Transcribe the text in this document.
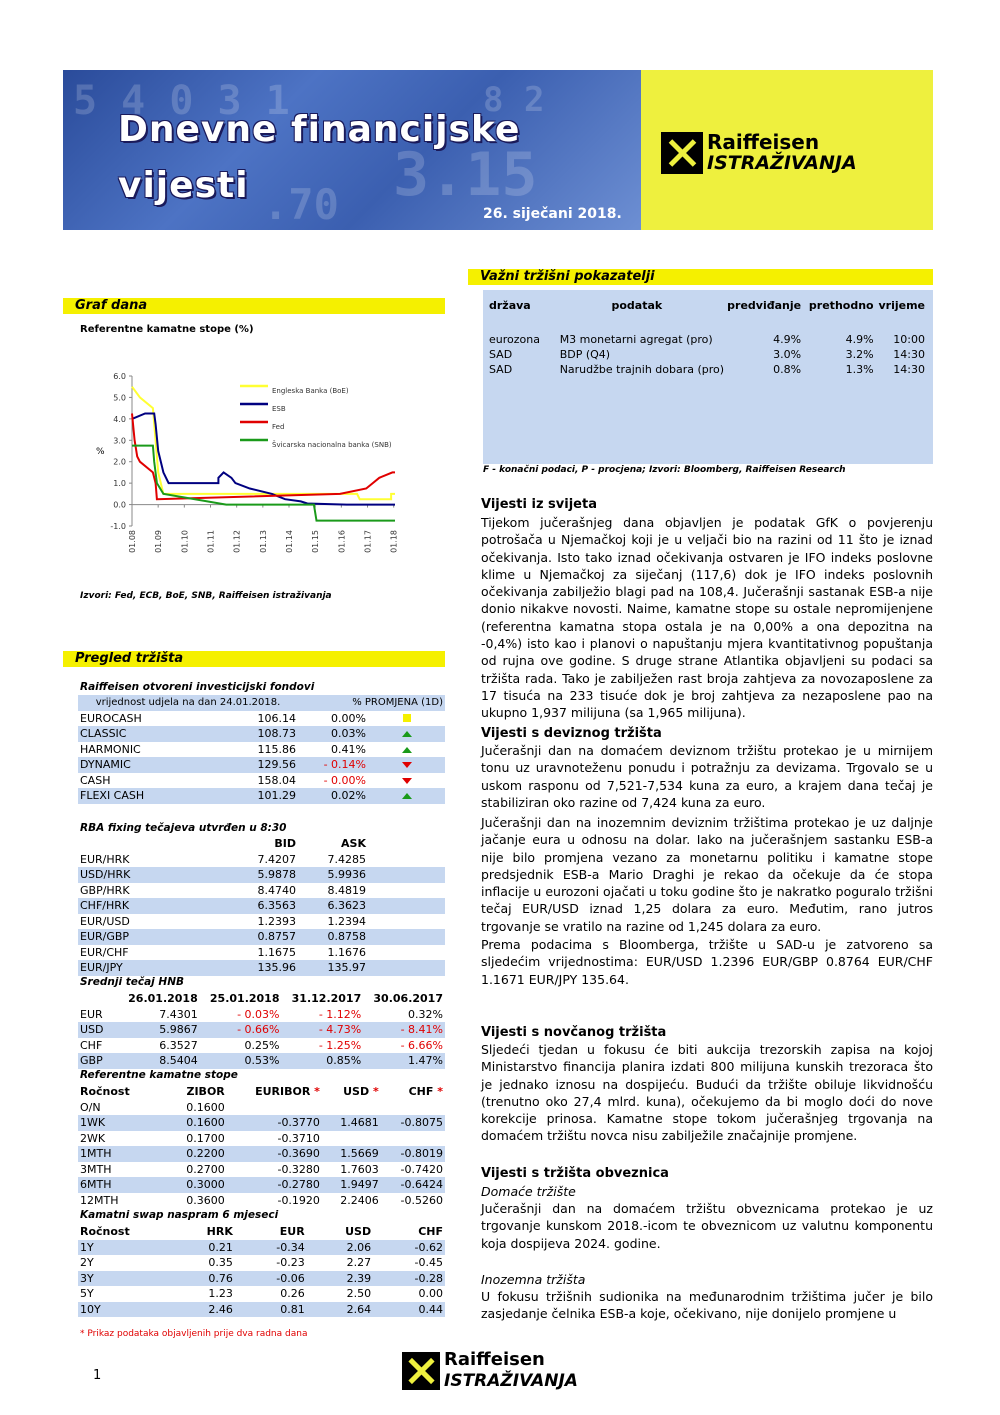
5 4 0 3 1
3.15
.70
8 2
Dnevne financijske
vijesti
26. siječani 2018.
Raiffeisen
ISTRAŽIVANJA
Graf dana
Referentne kamatne stope (%)
6.0
5.0
4.0
3.0
2.0
1.0
0.0
-1.0
%
01.08 01.09 01.10 01.11 01.12 01.13 01.14 01.15 01.16 01.17 01.18
Engleska Banka (BoE)
ESB
Fed
Švicarska nacionalna banka (SNB)
Izvori: Fed, ECB, BoE, SNB, Raiffeisen istraživanja
Pregled tržišta
Raiffeisen otvoreni investicijski fondovi
vrijednost udjela na dan 24.01.2018.		% PROMJENA (1D)	
EUROCASH	106.14	0.00%	
CLASSIC	108.73	0.03%	
HARMONIC	115.86	0.41%	
DYNAMIC	129.56	- 0.14%	
CASH	158.04	- 0.00%	
FLEXI CASH	101.29	0.02%	
RBA fixing tečajeva utvrđen u 8:30
	BID	ASK	
EUR/HRK	7.4207	7.4285	
USD/HRK	5.9878	5.9936	
GBP/HRK	8.4740	8.4819	
CHF/HRK	6.3563	6.3623	
EUR/USD	1.2393	1.2394	
EUR/GBP	0.8757	0.8758	
EUR/CHF	1.1675	1.1676	
EUR/JPY	135.96	135.97	
Srednji tečaj HNB
	26.01.2018	25.01.2018	31.12.2017	30.06.2017
EUR	7.4301	- 0.03%	- 1.12%	0.32%
USD	5.9867	- 0.66%	- 4.73%	- 8.41%
CHF	6.3527	0.25%	- 1.25%	- 6.66%
GBP	8.5404	0.53%	0.85%	1.47%
Referentne kamatne stope
Ročnost	ZIBOR	EURIBOR *	USD *	CHF *
O/N	0.1600			
1WK	0.1600	-0.3770	1.4681	-0.8075
2WK	0.1700	-0.3710		
1MTH	0.2200	-0.3690	1.5669	-0.8019
3MTH	0.2700	-0.3280	1.7603	-0.7420
6MTH	0.3000	-0.2780	1.9497	-0.6424
12MTH	0.3600	-0.1920	2.2406	-0.5260
Kamatni swap naspram 6 mjeseci
Ročnost	HRK	EUR	USD	CHF
1Y	0.21	-0.34	2.06	-0.62
2Y	0.35	-0.23	2.27	-0.45
3Y	0.76	-0.06	2.39	-0.28
5Y	1.23	0.26	2.50	0.00
10Y	2.46	0.81	2.64	0.44
* Prikaz podataka objavljenih prije dva radna dana
Važni tržišni pokazatelji
država	podatak	predviđanje	prethodno	vrijeme

eurozona	M3 monetarni agregat (pro)	4.9%	4.9%	10:00
SAD	BDP (Q4)	3.0%	3.2%	14:30
SAD	Narudžbe trajnih dobara (pro)	0.8%	1.3%	14:30
F - konačni podaci, P - procjena; Izvori: Bloomberg, Raiffeisen Research
Vijesti iz svijeta
Tijekom jučerašnjeg dana objavljen je podatak GfK o povjerenju potrošača u Njemačkoj koji je u veljači bio na razini od 11 što je iznad očekivanja. Isto tako iznad očekivanja ostvaren je IFO indeks poslovne klime u Njemačkoj za siječanj (117,6) dok je IFO indeks poslovnih očekivanja zabilježio blagi pad na 108,4. Jučerašnji sastanak ESB-a nije donio nikakve novosti. Naime, kamatne stope su ostale nepromijenjene (referentna kamatna stopa ostala je na 0,00% a ona depozitna na -0,4%) isto kao i planovi o napuštanju mjera kvantitativnog popuštanja od rujna ove godine. S druge strane Atlantika objavljeni su podaci sa tržišta rada. Tako je zabilježen rast broja zahtjeva za novozaposlene za 17 tisuća na 233 tisuće dok je broj zahtjeva za nezaposlene pao na ukupno 1,937 milijuna (sa 1,965 milijuna).
Vijesti s deviznog tržišta
Jučerašnji dan na domaćem deviznom tržištu protekao je u mirnijem tonu uz uravnoteženu ponudu i potražnju za devizama. Trgovalo se u uskom rasponu od 7,521-7,534 kuna za euro, a krajem dana tečaj je stabiliziran oko razine od 7,424 kuna za euro.
Jučerašnji dan na inozemnim deviznim tržištima protekao je uz daljnje jačanje eura u odnosu na dolar. Iako na jučerašnjem sastanku ESB-a nije bilo promjena vezano za monetarnu politiku i kamatne stope predsjednik ESB-a Mario Draghi je rekao da očekuje da će stopa inflacije u eurozoni ojačati u toku godine što je nakratko poguralo tržišni tečaj EUR/USD iznad 1,25 dolara za euro. Međutim, rano jutros trgovanje se vratilo na razine od 1,245 dolara za euro.
Prema podacima s Bloomberga, tržište u SAD-u je zatvoreno sa sljedećim vrijednostima: EUR/USD 1.2396 EUR/GBP 0.8764 EUR/CHF 1.1671 EUR/JPY 135.64.
Vijesti s novčanog tržišta
Sljedeći tjedan u fokusu će biti aukcija trezorskih zapisa na kojoj Ministarstvo financija planira izdati 800 milijuna kunskih trezoraca što je jednako iznosu na dospijeću. Budući da tržište obiluje likvidnošću (trenutno oko 27,4 mlrd. kuna), očekujemo da bi moglo doći do nove korekcije prinosa. Kamatne stope tokom jučerašnjeg trgovanja na domaćem tržištu novca nisu zabilježile značajnije promjene.
Vijesti s tržišta obveznica
Domaće tržište
Jučerašnji dan na domaćem tržištu obveznicama protekao je uz trgovanje kunskom 2018.-icom te obveznicom uz valutnu komponentu koja dospijeva 2024. godine.
Inozemna tržišta
U fokusu tržišnih sudionika na međunarodnim tržištima jučer je bilo zasjedanje čelnika ESB-a koje, očekivano, nije donijelo promjene u
1
Raiffeisen
ISTRAŽIVANJA
